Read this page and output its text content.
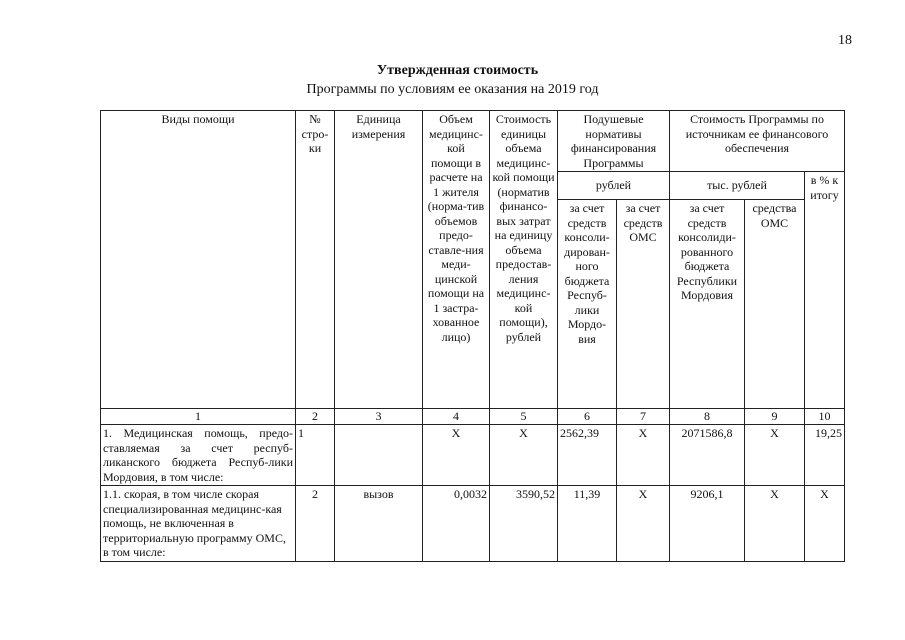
18
Утвержденная стоимость
Программы по условиям ее оказания на 2019 год
Виды помощи	№ стро-ки	Единица измерения	Объем медицинс-кой помощи в расчете на 1 жителя (норма-тив объемов предо-ставле-ния меди-цинской помощи на 1 застра-хованное лицо)	Стоимость единицы объема медицинс-кой помощи (норматив финансо-вых затрат на единицу объема предостав-ления медицинс-кой помощи), рублей	Подушевые нормативы финансирования Программы		Стоимость Программы по источникам ее финансового обеспечения		
					рублей		тыс. рублей		в % к итогу
					за счет средств консоли-дирован-ного бюджета Респуб-лики Мордо-вия	за счет средств ОМС	за счет средств консолиди-рованного бюджета Республики Мордовия	средства ОМС	
1	2	3	4	5	6	7	8	9	10
1. Медицинская помощь, предо-ставляемая за счет респуб-ликанского бюджета Респуб-лики Мордовия, в том числе:	1		Х	Х	2562,39	Х	2071586,8	Х	19,25
1.1. скорая, в том числе скорая специализированная медицинс-кая помощь, не включенная в территориальную программу ОМС, в том числе:	2	вызов	0,0032	3590,52	11,39	Х	9206,1	Х	Х
